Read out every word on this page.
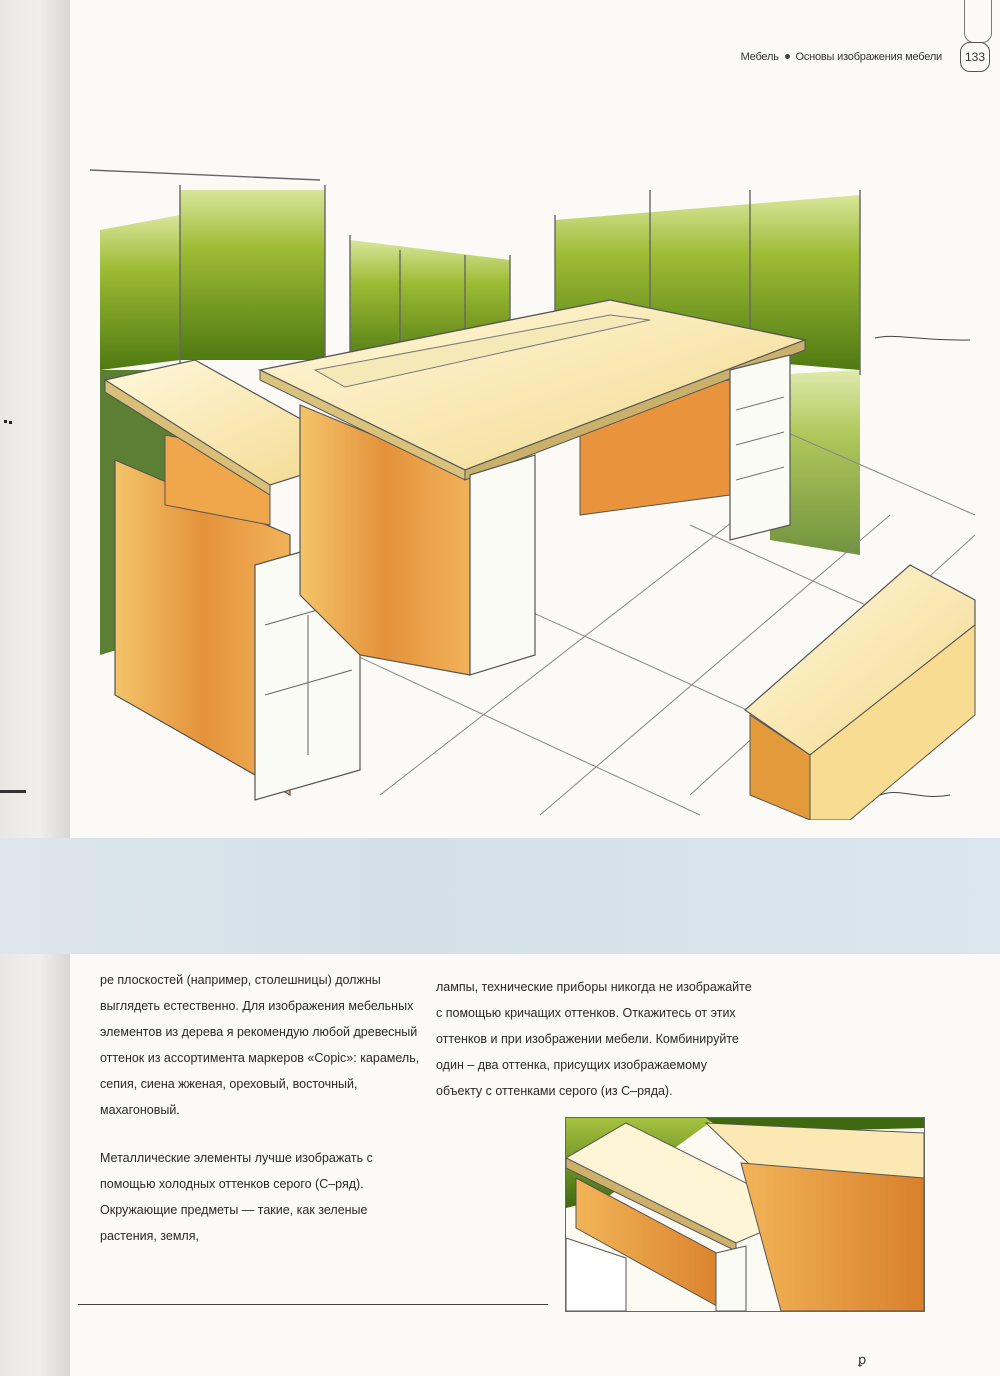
Мебель Основы изображения мебели	133

ре плоскостей (например, столешницы) должны выглядеть естественно. Для изображения мебельных элементов из дерева я рекомендую любой древесный оттенок из ассортимента маркеров «Copic»: карамель, сепия, сиена жженая, ореховый, восточный, махагоновый.

Металлические элементы лучше изображать с помощью холодных оттенков серого (С–ряд). Окружающие предметы — такие, как зеленые растения, земля,

лампы, технические приборы никогда не изображайте с помощью кричащих оттенков. Откажитесь от этих оттенков и при изображении мебели. Комбинируйте один – два оттенка, присущих изображаемому объекту с оттенками серого (из С–ряда).

ꝑ
